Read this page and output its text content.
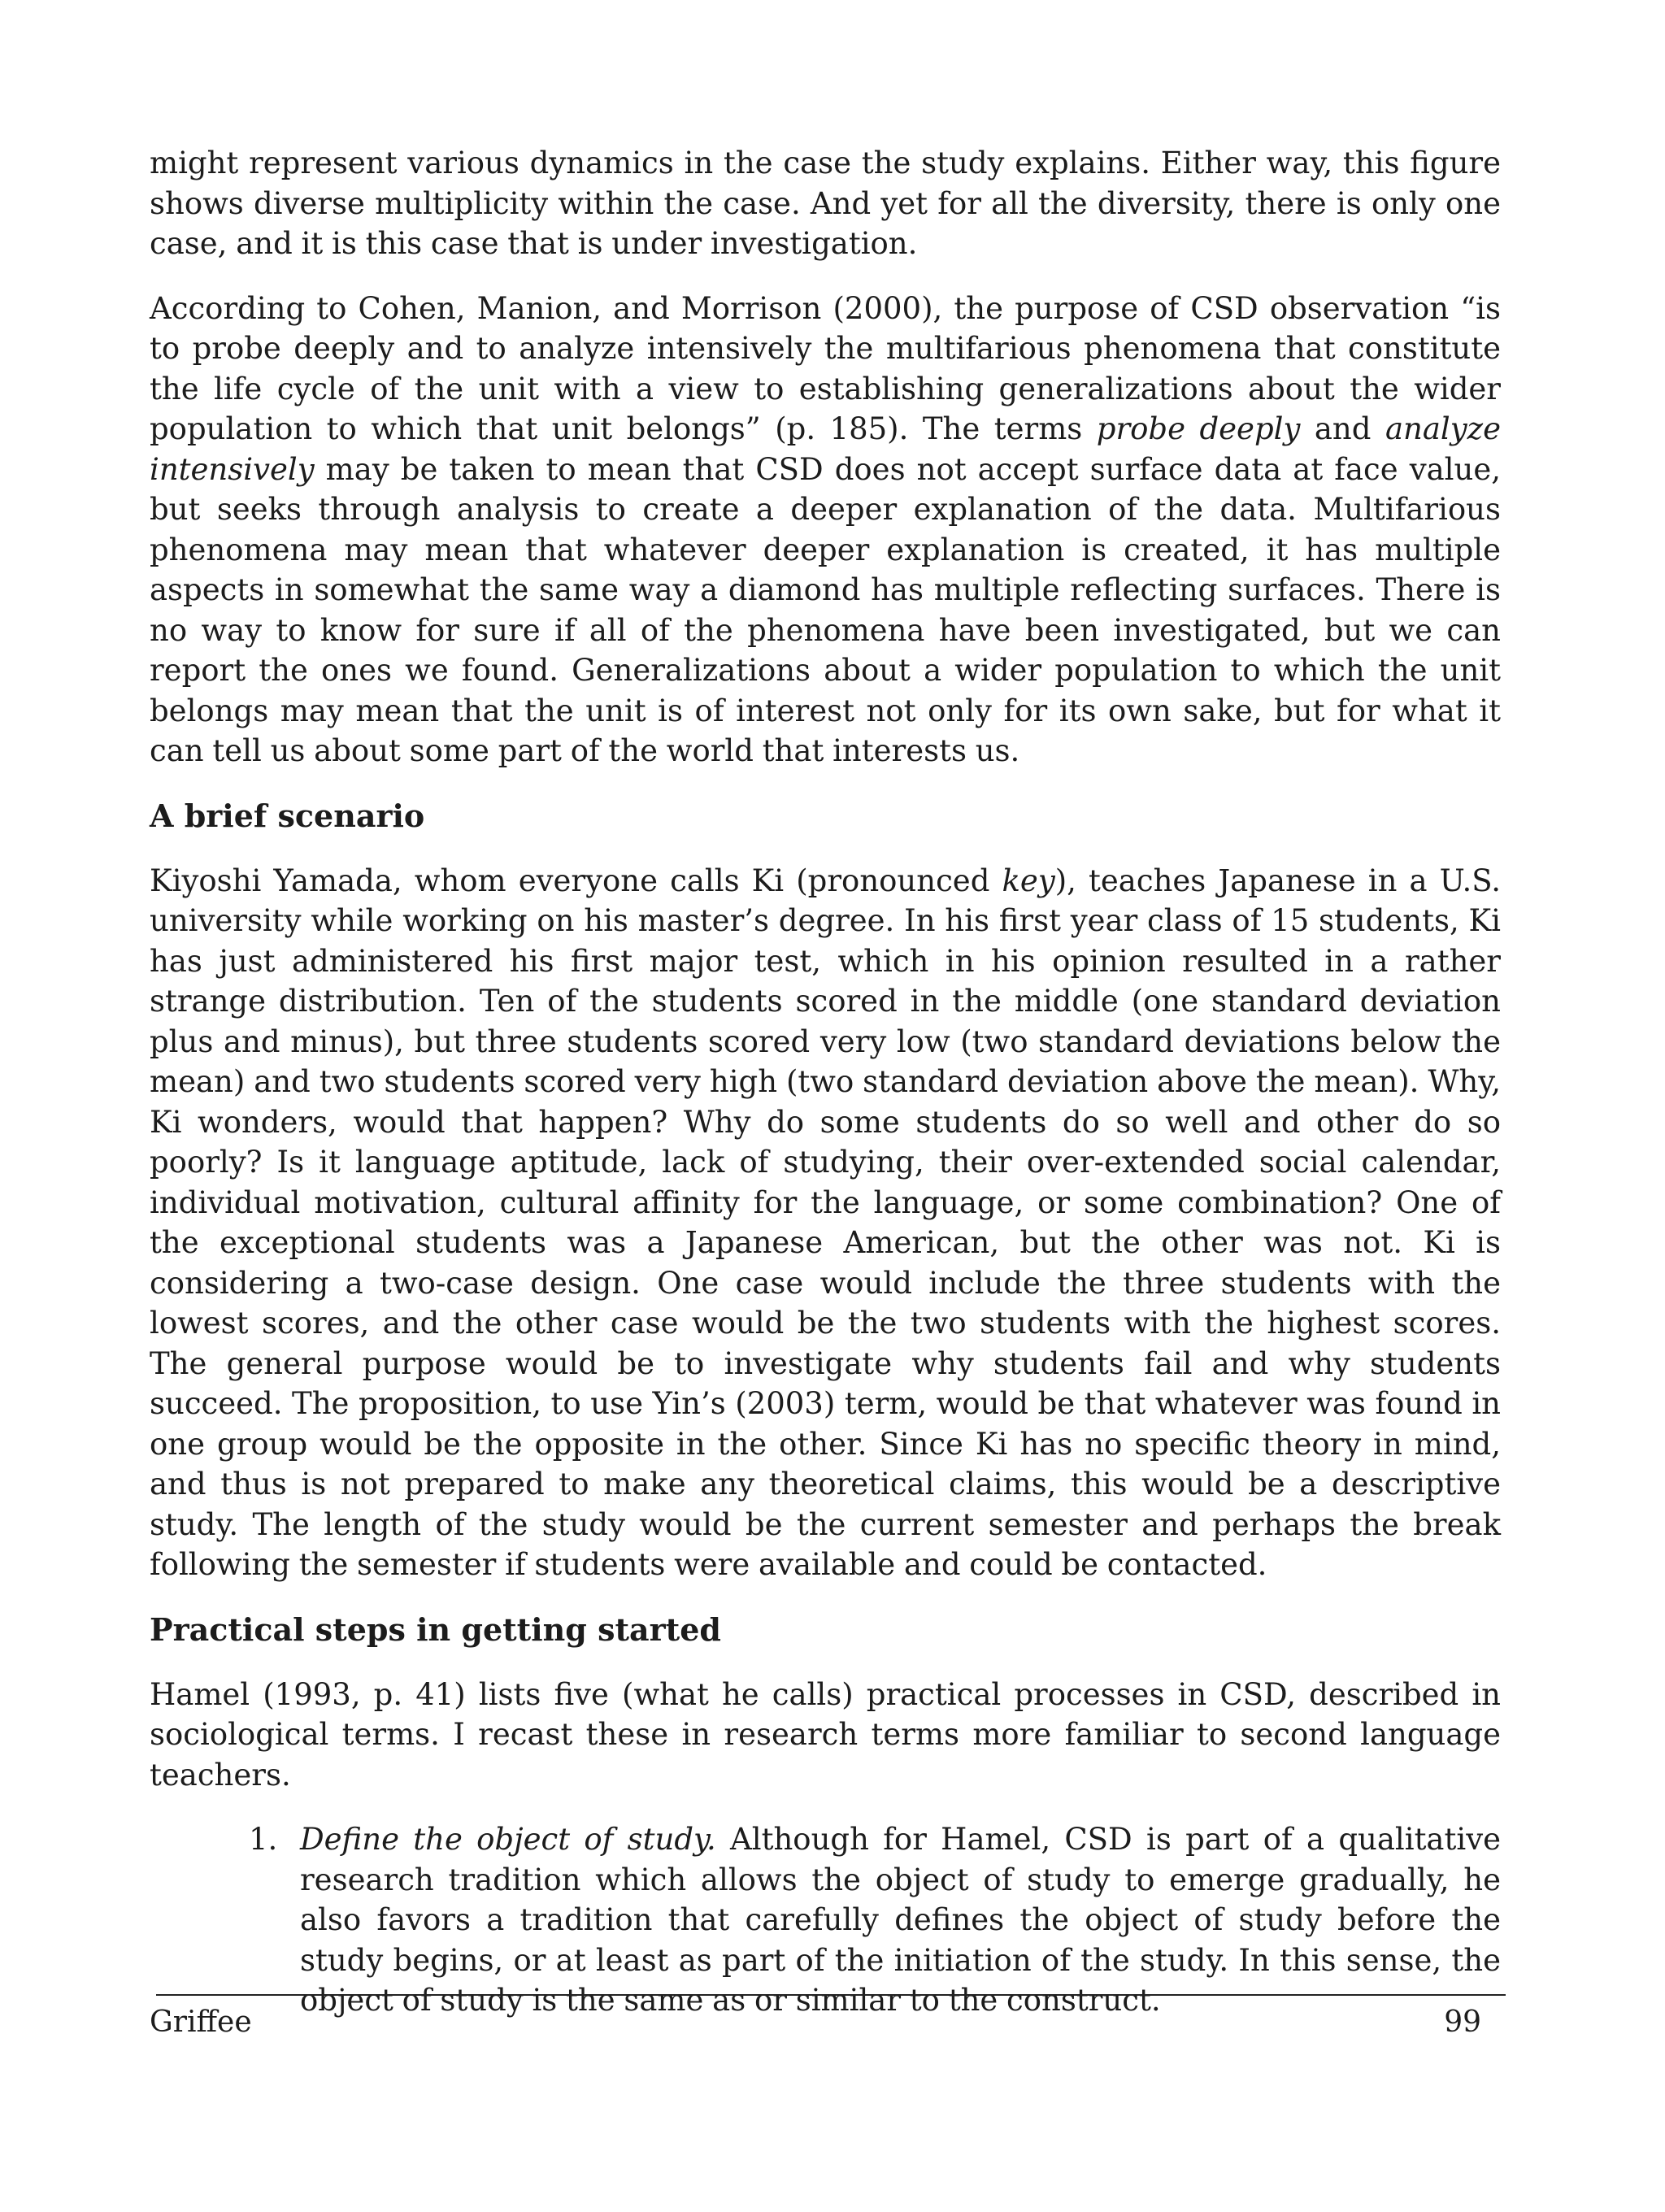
might represent various dynamics in the case the study explains. Either way, this figure shows diverse multiplicity within the case. And yet for all the diversity, there is only one case, and it is this case that is under investigation.

According to Cohen, Manion, and Morrison (2000), the purpose of CSD observation “is to probe deeply and to analyze intensively the multifarious phenomena that constitute the life cycle of the unit with a view to establishing generalizations about the wider population to which that unit belongs” (p. 185). The terms probe deeply and analyze intensively may be taken to mean that CSD does not accept surface data at face value, but seeks through analysis to create a deeper explanation of the data. Multifarious phenomena may mean that whatever deeper explanation is created, it has multiple aspects in somewhat the same way a diamond has multiple reflecting surfaces. There is no way to know for sure if all of the phenomena have been investigated, but we can report the ones we found. Generalizations about a wider population to which the unit belongs may mean that the unit is of interest not only for its own sake, but for what it can tell us about some part of the world that interests us.

A brief scenario

Kiyoshi Yamada, whom everyone calls Ki (pronounced key), teaches Japanese in a U.S. university while working on his master’s degree. In his first year class of 15 students, Ki has just administered his first major test, which in his opinion resulted in a rather strange distribution. Ten of the students scored in the middle (one standard deviation plus and minus), but three students scored very low (two standard deviations below the mean) and two students scored very high (two standard deviation above the mean). Why, Ki wonders, would that happen? Why do some students do so well and other do so poorly? Is it language aptitude, lack of studying, their over-extended social calendar, individual motivation, cultural affinity for the language, or some combination? One of the exceptional students was a Japanese American, but the other was not. Ki is considering a two-case design. One case would include the three students with the lowest scores, and the other case would be the two students with the highest scores. The general purpose would be to investigate why students fail and why students succeed. The proposition, to use Yin’s (2003) term, would be that whatever was found in one group would be the opposite in the other. Since Ki has no specific theory in mind, and thus is not prepared to make any theoretical claims, this would be a descriptive study. The length of the study would be the current semester and perhaps the break following the semester if students were available and could be contacted.

Practical steps in getting started

Hamel (1993, p. 41) lists five (what he calls) practical processes in CSD, described in sociological terms. I recast these in research terms more familiar to second language teachers.

1. Define the object of study. Although for Hamel, CSD is part of a qualitative research tradition which allows the object of study to emerge gradually, he also favors a tradition that carefully defines the object of study before the study begins, or at least as part of the initiation of the study. In this sense, the object of study is the same as or similar to the construct.
Griffee	99
